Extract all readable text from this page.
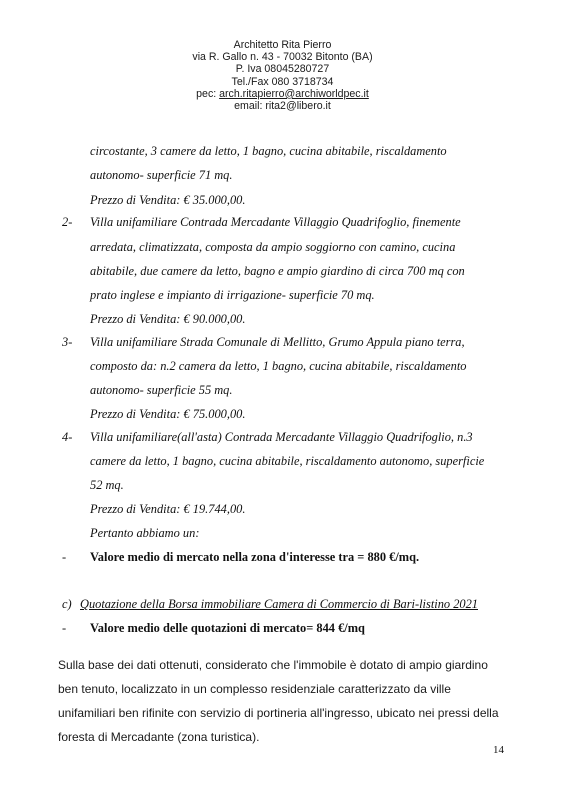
Architetto Rita Pierro
via R. Gallo n. 43 - 70032 Bitonto (BA)
P. Iva 08045280727
Tel./Fax 080 3718734
pec: arch.ritapierro@archiworldpec.it
email: rita2@libero.it
circostante, 3 camere da letto, 1 bagno, cucina abitabile, riscaldamento
autonomo- superficie 71 mq.
Prezzo di Vendita: € 35.000,00.
2- Villa unifamiliare Contrada Mercadante Villaggio Quadrifoglio, finemente
arredata, climatizzata, composta da ampio soggiorno con camino, cucina
abitabile, due camere da letto, bagno e ampio giardino di circa 700 mq con
prato inglese e impianto di irrigazione- superficie 70 mq.
Prezzo di Vendita: € 90.000,00.
3- Villa unifamiliare Strada Comunale di Mellitto, Grumo Appula piano terra,
composto da: n.2 camera da letto, 1 bagno, cucina abitabile, riscaldamento
autonomo- superficie 55 mq.
Prezzo di Vendita: € 75.000,00.
4- Villa unifamiliare(all'asta) Contrada Mercadante Villaggio Quadrifoglio, n.3
camere da letto, 1 bagno, cucina abitabile, riscaldamento autonomo, superficie
52 mq.
Prezzo di Vendita: € 19.744,00.
Pertanto abbiamo un:
- Valore medio di mercato nella zona d'interesse tra = 880 €/mq.
c) Quotazione della Borsa immobiliare Camera di Commercio di Bari-listino 2021
- Valore medio delle quotazioni di mercato= 844 €/mq
Sulla base dei dati ottenuti, considerato che l'immobile è dotato di ampio giardino
ben tenuto, localizzato in un complesso residenziale caratterizzato da ville
unifamiliari ben rifinite con servizio di portineria all'ingresso, ubicato nei pressi della
foresta di Mercadante (zona turistica).
14
